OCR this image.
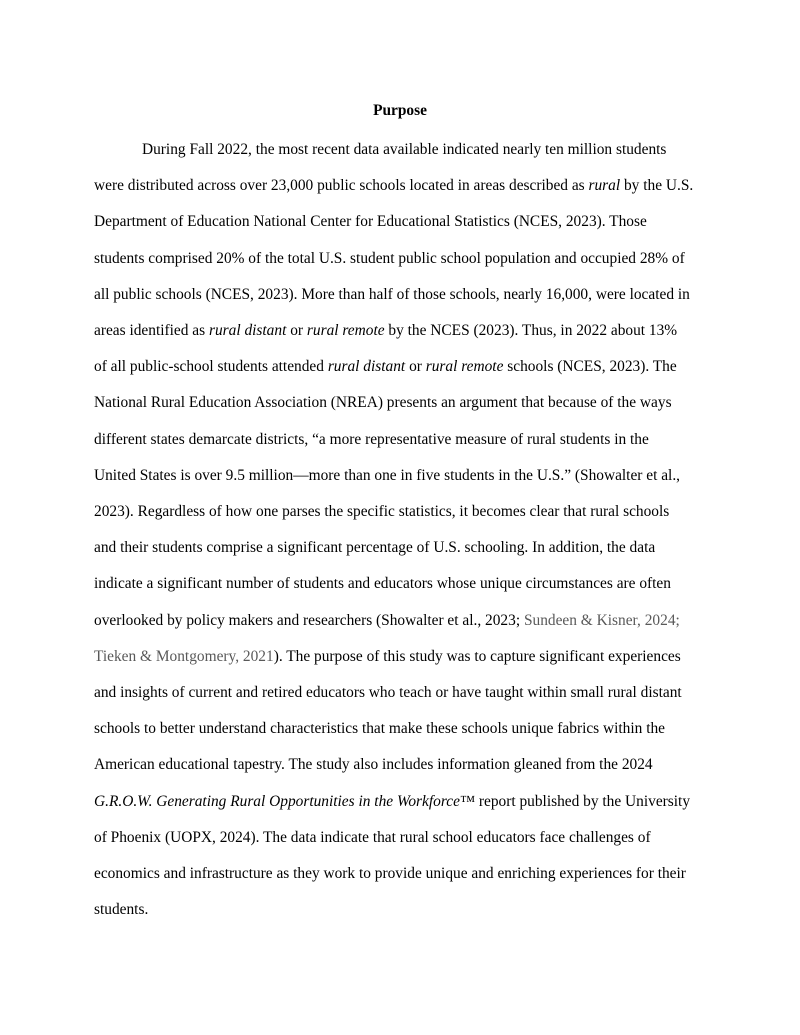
Purpose
During Fall 2022, the most recent data available indicated nearly ten million students
were distributed across over 23,000 public schools located in areas described as rural by the U.S.
Department of Education National Center for Educational Statistics (NCES, 2023). Those
students comprised 20% of the total U.S. student public school population and occupied 28% of
all public schools (NCES, 2023). More than half of those schools, nearly 16,000, were located in
areas identified as rural distant or rural remote by the NCES (2023). Thus, in 2022 about 13%
of all public-school students attended rural distant or rural remote schools (NCES, 2023). The
National Rural Education Association (NREA) presents an argument that because of the ways
different states demarcate districts, “a more representative measure of rural students in the
United States is over 9.5 million—more than one in five students in the U.S.” (Showalter et al.,
2023). Regardless of how one parses the specific statistics, it becomes clear that rural schools
and their students comprise a significant percentage of U.S. schooling. In addition, the data
indicate a significant number of students and educators whose unique circumstances are often
overlooked by policy makers and researchers (Showalter et al., 2023; Sundeen & Kisner, 2024;
Tieken & Montgomery, 2021). The purpose of this study was to capture significant experiences
and insights of current and retired educators who teach or have taught within small rural distant
schools to better understand characteristics that make these schools unique fabrics within the
American educational tapestry. The study also includes information gleaned from the 2024
G.R.O.W. Generating Rural Opportunities in the Workforce™ report published by the University
of Phoenix (UOPX, 2024). The data indicate that rural school educators face challenges of
economics and infrastructure as they work to provide unique and enriching experiences for their
students.
